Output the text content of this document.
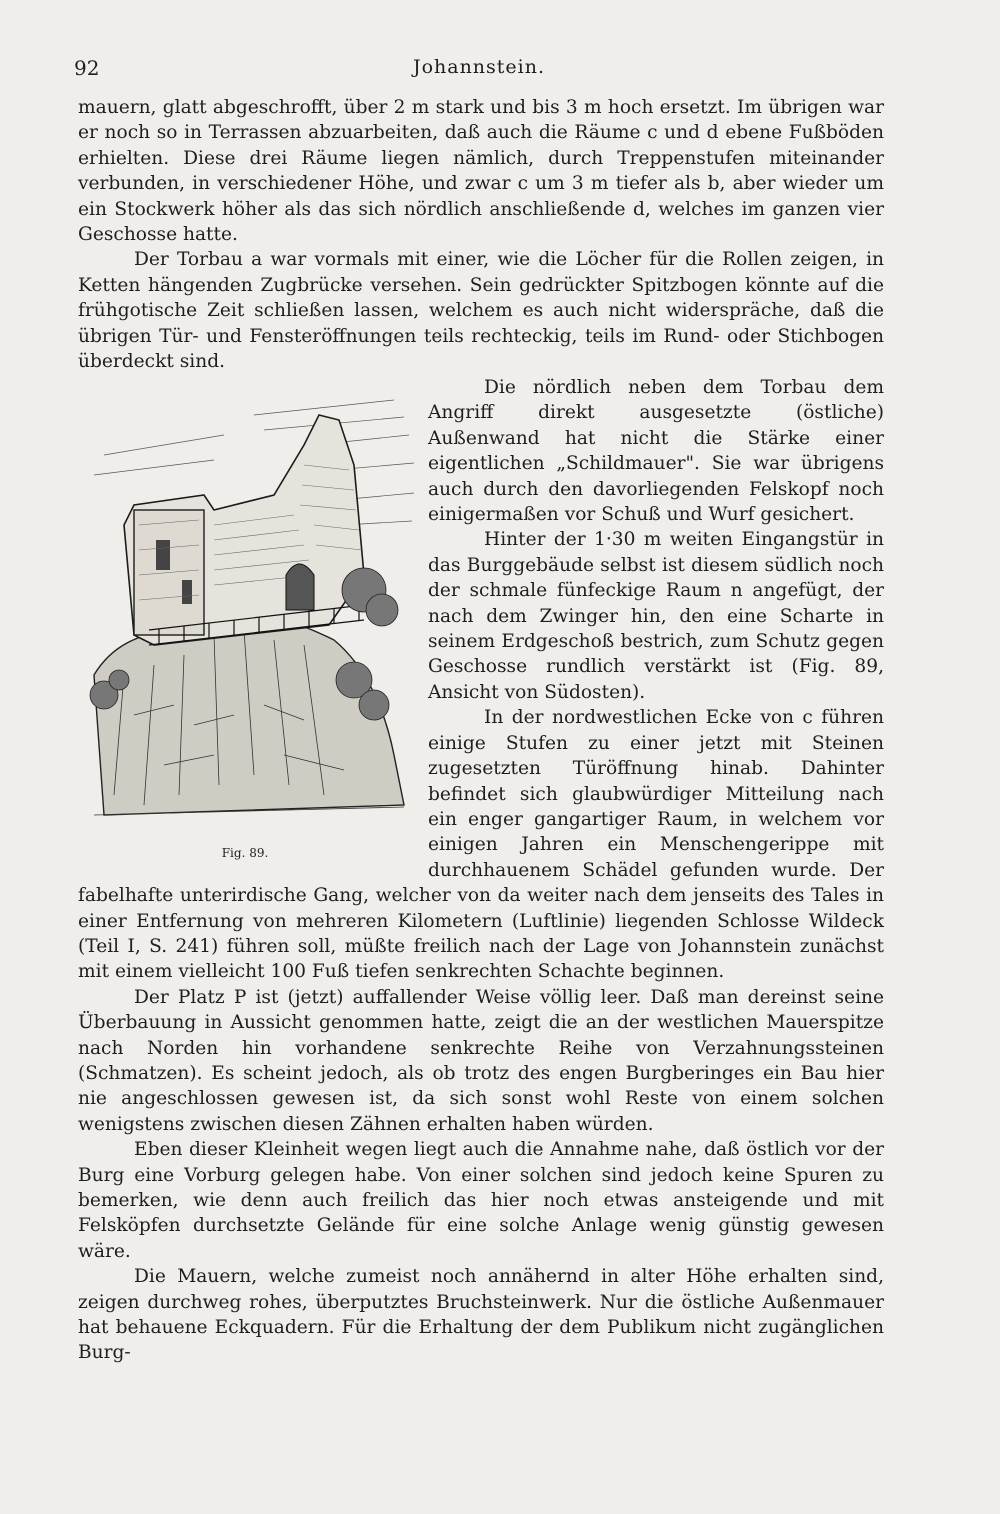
92	Johannstein.

mauern, glatt abgeschrofft, über 2 m stark und bis 3 m hoch ersetzt. Im übrigen war er noch so in Terrassen abzuarbeiten, daß auch die Räume c und d ebene Fußböden erhielten. Diese drei Räume liegen nämlich, durch Treppenstufen miteinander verbunden, in verschiedener Höhe, und zwar c um 3 m tiefer als b, aber wieder um ein Stockwerk höher als das sich nördlich anschließende d, welches im ganzen vier Geschosse hatte.

Der Torbau a war vormals mit einer, wie die Löcher für die Rollen zeigen, in Ketten hängenden Zugbrücke versehen. Sein gedrückter Spitzbogen könnte auf die frühgotische Zeit schließen lassen, welchem es auch nicht widerspräche, daß die übrigen Tür- und Fensteröffnungen teils rechteckig, teils im Rund- oder Stichbogen überdeckt sind.

Fig. 89.

Die nördlich neben dem Torbau dem Angriff direkt ausgesetzte (östliche) Außenwand hat nicht die Stärke einer eigentlichen „Schildmauer". Sie war übrigens auch durch den davorliegenden Felskopf noch einigermaßen vor Schuß und Wurf gesichert.

Hinter der 1·30 m weiten Eingangstür in das Burggebäude selbst ist diesem südlich noch der schmale fünfeckige Raum n angefügt, der nach dem Zwinger hin, den eine Scharte in seinem Erdgeschoß bestrich, zum Schutz gegen Geschosse rundlich verstärkt ist (Fig. 89, Ansicht von Südosten).

In der nordwestlichen Ecke von c führen einige Stufen zu einer jetzt mit Steinen zugesetzten Türöffnung hinab. Dahinter befindet sich glaubwürdiger Mitteilung nach ein enger gangartiger Raum, in welchem vor einigen Jahren ein Menschengerippe mit durchhauenem Schädel gefunden wurde. Der fabelhafte unterirdische Gang, welcher von da weiter nach dem jenseits des Tales in einer Entfernung von mehreren Kilometern (Luftlinie) liegenden Schlosse Wildeck (Teil I, S. 241) führen soll, müßte freilich nach der Lage von Johannstein zunächst mit einem vielleicht 100 Fuß tiefen senkrechten Schachte beginnen.

Der Platz P ist (jetzt) auffallender Weise völlig leer. Daß man dereinst seine Überbauung in Aussicht genommen hatte, zeigt die an der westlichen Mauerspitze nach Norden hin vorhandene senkrechte Reihe von Verzahnungssteinen (Schmatzen). Es scheint jedoch, als ob trotz des engen Burgberinges ein Bau hier nie angeschlossen gewesen ist, da sich sonst wohl Reste von einem solchen wenigstens zwischen diesen Zähnen erhalten haben würden.

Eben dieser Kleinheit wegen liegt auch die Annahme nahe, daß östlich vor der Burg eine Vorburg gelegen habe. Von einer solchen sind jedoch keine Spuren zu bemerken, wie denn auch freilich das hier noch etwas ansteigende und mit Felsköpfen durchsetzte Gelände für eine solche Anlage wenig günstig gewesen wäre.

Die Mauern, welche zumeist noch annähernd in alter Höhe erhalten sind, zeigen durchweg rohes, überputztes Bruchsteinwerk. Nur die östliche Außenmauer hat behauene Eckquadern. Für die Erhaltung der dem Publikum nicht zugänglichen Burg-
